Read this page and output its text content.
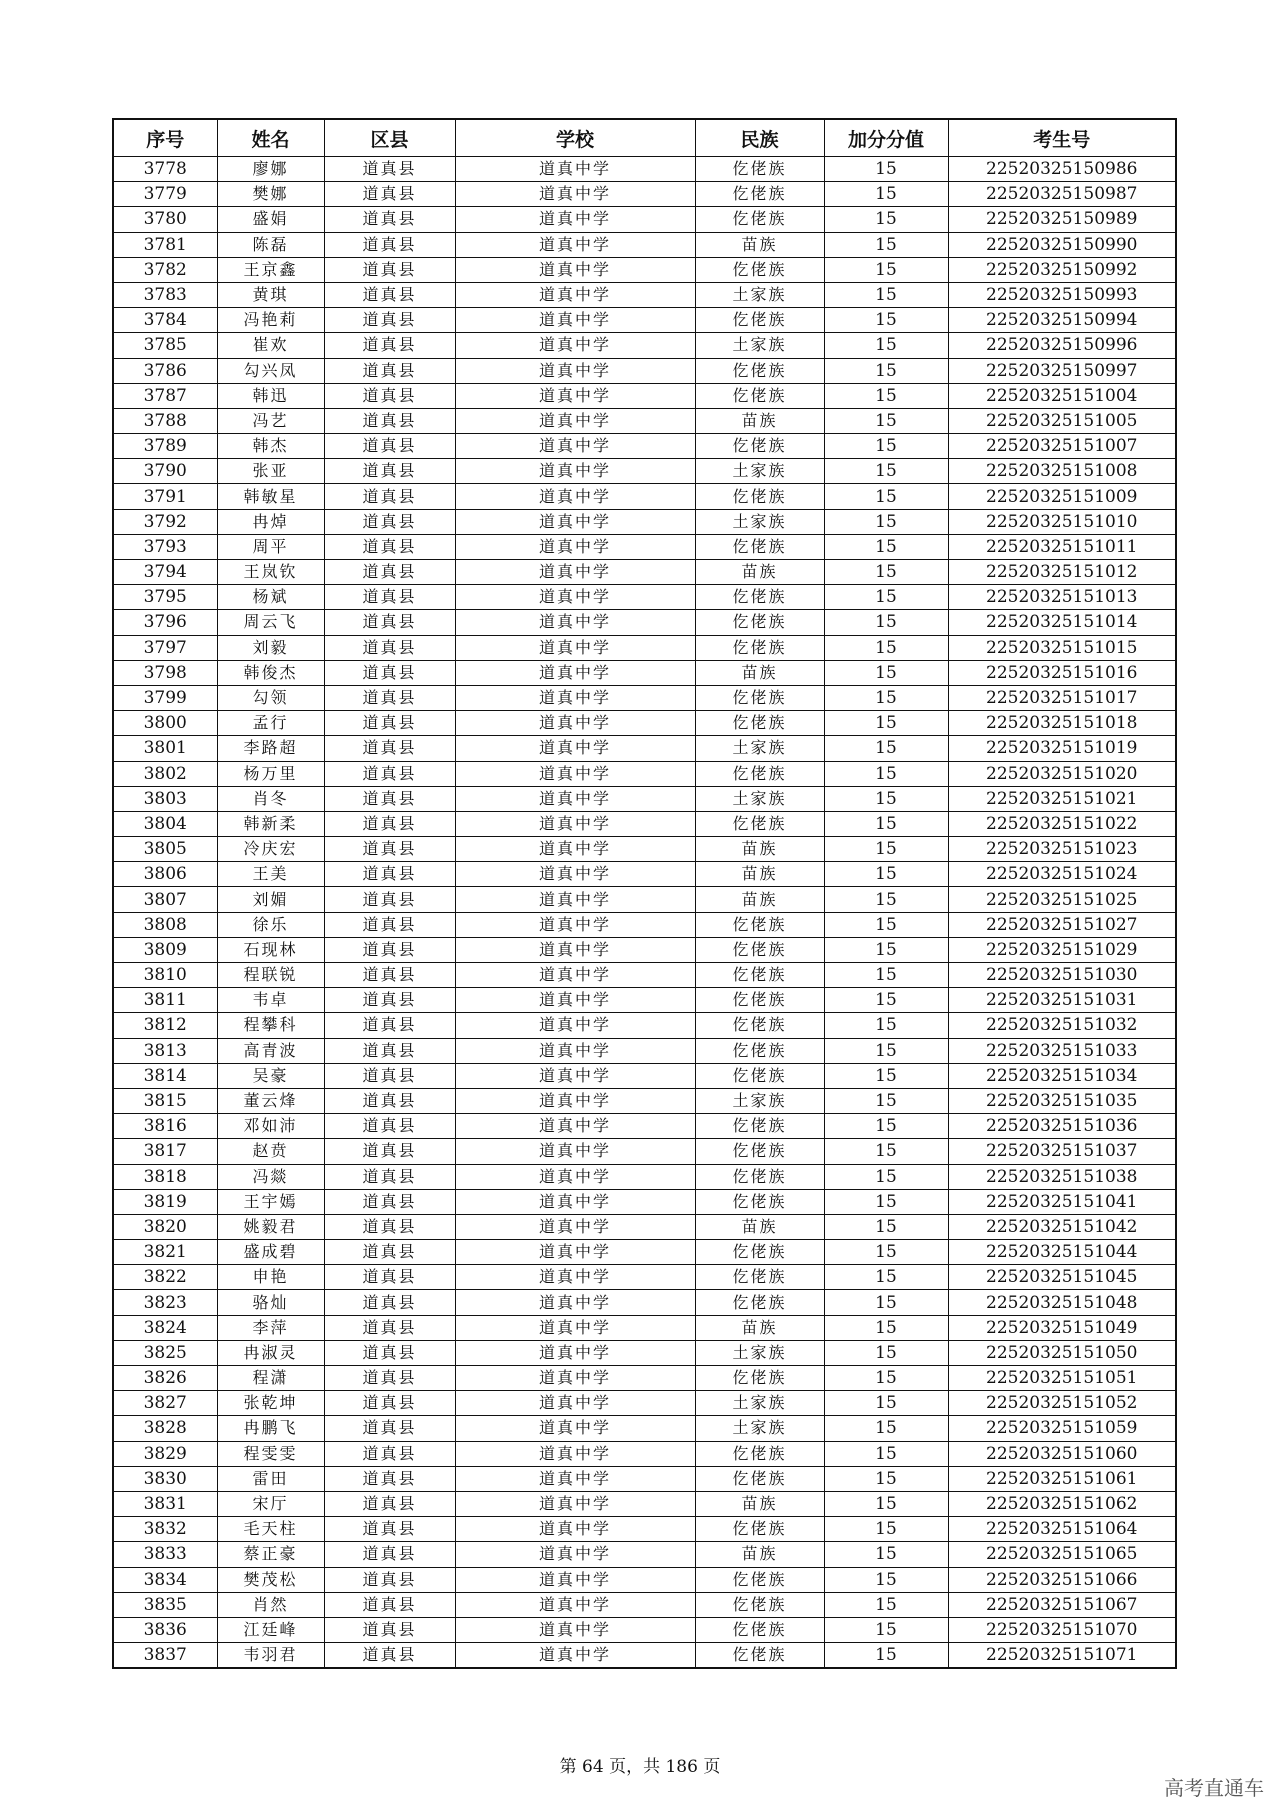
序号	姓名	区县	学校	民族	加分分值	考生号
3778	廖娜	道真县	道真中学	仡佬族	15	22520325150986
3779	樊娜	道真县	道真中学	仡佬族	15	22520325150987
3780	盛娟	道真县	道真中学	仡佬族	15	22520325150989
3781	陈磊	道真县	道真中学	苗族	15	22520325150990
3782	王京鑫	道真县	道真中学	仡佬族	15	22520325150992
3783	黄琪	道真县	道真中学	土家族	15	22520325150993
3784	冯艳莉	道真县	道真中学	仡佬族	15	22520325150994
3785	崔欢	道真县	道真中学	土家族	15	22520325150996
3786	勾兴凤	道真县	道真中学	仡佬族	15	22520325150997
3787	韩迅	道真县	道真中学	仡佬族	15	22520325151004
3788	冯艺	道真县	道真中学	苗族	15	22520325151005
3789	韩杰	道真县	道真中学	仡佬族	15	22520325151007
3790	张亚	道真县	道真中学	土家族	15	22520325151008
3791	韩敏星	道真县	道真中学	仡佬族	15	22520325151009
3792	冉焯	道真县	道真中学	土家族	15	22520325151010
3793	周平	道真县	道真中学	仡佬族	15	22520325151011
3794	王岚钦	道真县	道真中学	苗族	15	22520325151012
3795	杨斌	道真县	道真中学	仡佬族	15	22520325151013
3796	周云飞	道真县	道真中学	仡佬族	15	22520325151014
3797	刘毅	道真县	道真中学	仡佬族	15	22520325151015
3798	韩俊杰	道真县	道真中学	苗族	15	22520325151016
3799	勾领	道真县	道真中学	仡佬族	15	22520325151017
3800	孟行	道真县	道真中学	仡佬族	15	22520325151018
3801	李路超	道真县	道真中学	土家族	15	22520325151019
3802	杨万里	道真县	道真中学	仡佬族	15	22520325151020
3803	肖冬	道真县	道真中学	土家族	15	22520325151021
3804	韩新柔	道真县	道真中学	仡佬族	15	22520325151022
3805	冷庆宏	道真县	道真中学	苗族	15	22520325151023
3806	王美	道真县	道真中学	苗族	15	22520325151024
3807	刘媚	道真县	道真中学	苗族	15	22520325151025
3808	徐乐	道真县	道真中学	仡佬族	15	22520325151027
3809	石现林	道真县	道真中学	仡佬族	15	22520325151029
3810	程联锐	道真县	道真中学	仡佬族	15	22520325151030
3811	韦卓	道真县	道真中学	仡佬族	15	22520325151031
3812	程攀科	道真县	道真中学	仡佬族	15	22520325151032
3813	高青波	道真县	道真中学	仡佬族	15	22520325151033
3814	吴豪	道真县	道真中学	仡佬族	15	22520325151034
3815	董云烽	道真县	道真中学	土家族	15	22520325151035
3816	邓如沛	道真县	道真中学	仡佬族	15	22520325151036
3817	赵贲	道真县	道真中学	仡佬族	15	22520325151037
3818	冯燚	道真县	道真中学	仡佬族	15	22520325151038
3819	王宇嫣	道真县	道真中学	仡佬族	15	22520325151041
3820	姚毅君	道真县	道真中学	苗族	15	22520325151042
3821	盛成碧	道真县	道真中学	仡佬族	15	22520325151044
3822	申艳	道真县	道真中学	仡佬族	15	22520325151045
3823	骆灿	道真县	道真中学	仡佬族	15	22520325151048
3824	李萍	道真县	道真中学	苗族	15	22520325151049
3825	冉淑灵	道真县	道真中学	土家族	15	22520325151050
3826	程潇	道真县	道真中学	仡佬族	15	22520325151051
3827	张乾坤	道真县	道真中学	土家族	15	22520325151052
3828	冉鹏飞	道真县	道真中学	土家族	15	22520325151059
3829	程雯雯	道真县	道真中学	仡佬族	15	22520325151060
3830	雷田	道真县	道真中学	仡佬族	15	22520325151061
3831	宋厅	道真县	道真中学	苗族	15	22520325151062
3832	毛天柱	道真县	道真中学	仡佬族	15	22520325151064
3833	蔡正豪	道真县	道真中学	苗族	15	22520325151065
3834	樊茂松	道真县	道真中学	仡佬族	15	22520325151066
3835	肖然	道真县	道真中学	仡佬族	15	22520325151067
3836	江廷峰	道真县	道真中学	仡佬族	15	22520325151070
3837	韦羽君	道真县	道真中学	仡佬族	15	22520325151071
第 64 页，共 186 页
高考直通车
